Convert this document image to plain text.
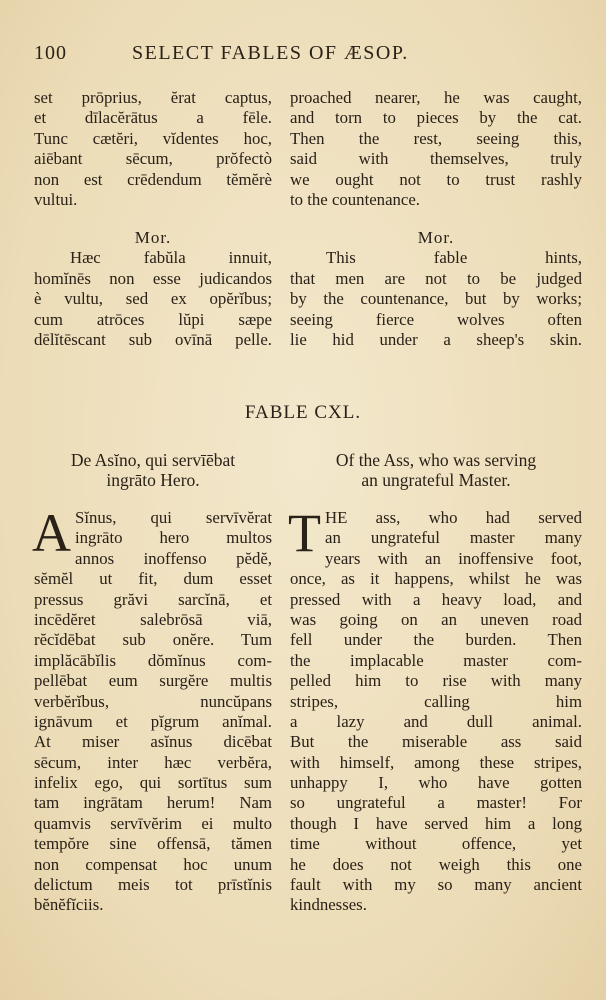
100	SELECT FABLES OF ÆSOP.
set prōprius, ĕrat captus,
et dīlacĕrātus a fēle.
Tunc cætĕri, vĭdentes hoc,
aiēbant sēcum, prŏfectò
non est crēdendum tĕmĕrè
vultui.
proached nearer, he was caught,
and torn to pieces by the cat.
Then the rest, seeing this,
said with themselves, truly
we ought not to trust rashly
to the countenance.
Mor.
Hæc fabŭla innuit,
homĭnēs non esse judicandos
è vultu, sed ex opĕrĭbus;
cum atrōces lŭpi sæpe
dēlĭtēscant sub ovīnā pelle.
Mor.
This fable hints,
that men are not to be judged
by the countenance, but by works;
seeing fierce wolves often
lie hid under a sheep's skin.
FABLE CXL.
De Asĭno, qui servīēbat
ingrāto Hero.
Of the Ass, who was serving
an ungrateful Master.
A Sĭnus, qui servīvĕrat
ingrāto hero multos
annos inoffenso pĕdĕ,
sĕmĕl ut fit, dum esset
pressus grăvi sarcĭnā, et
incēdĕret salebrōsā viā,
rĕcĭdēbat sub onĕre. Tum
implăcābĭlis dŏmĭnus com-
pellēbat eum surgĕre multis
verbĕrĭbus, nuncŭpans
ignāvum et pĭgrum anĭmal.
At miser asĭnus dicēbat
sēcum, inter hæc verbĕra,
infelix ego, qui sortītus sum
tam ingrātam herum! Nam
quamvis servīvĕrim ei multo
tempŏre sine offensā, tămen
non compensat hoc unum
delictum meis tot prīstĭnis
bĕnĕfĭciis.
T HE ass, who had served
an ungrateful master many
years with an inoffensive foot,
once, as it happens, whilst he was
pressed with a heavy load, and
was going on an uneven road
fell under the burden. Then
the implacable master com-
pelled him to rise with many
stripes, calling him
a lazy and dull animal.
But the miserable ass said
with himself, among these stripes,
unhappy I, who have gotten
so ungrateful a master! For
though I have served him a long
time without offence, yet
he does not weigh this one
fault with my so many ancient
kindnesses.
